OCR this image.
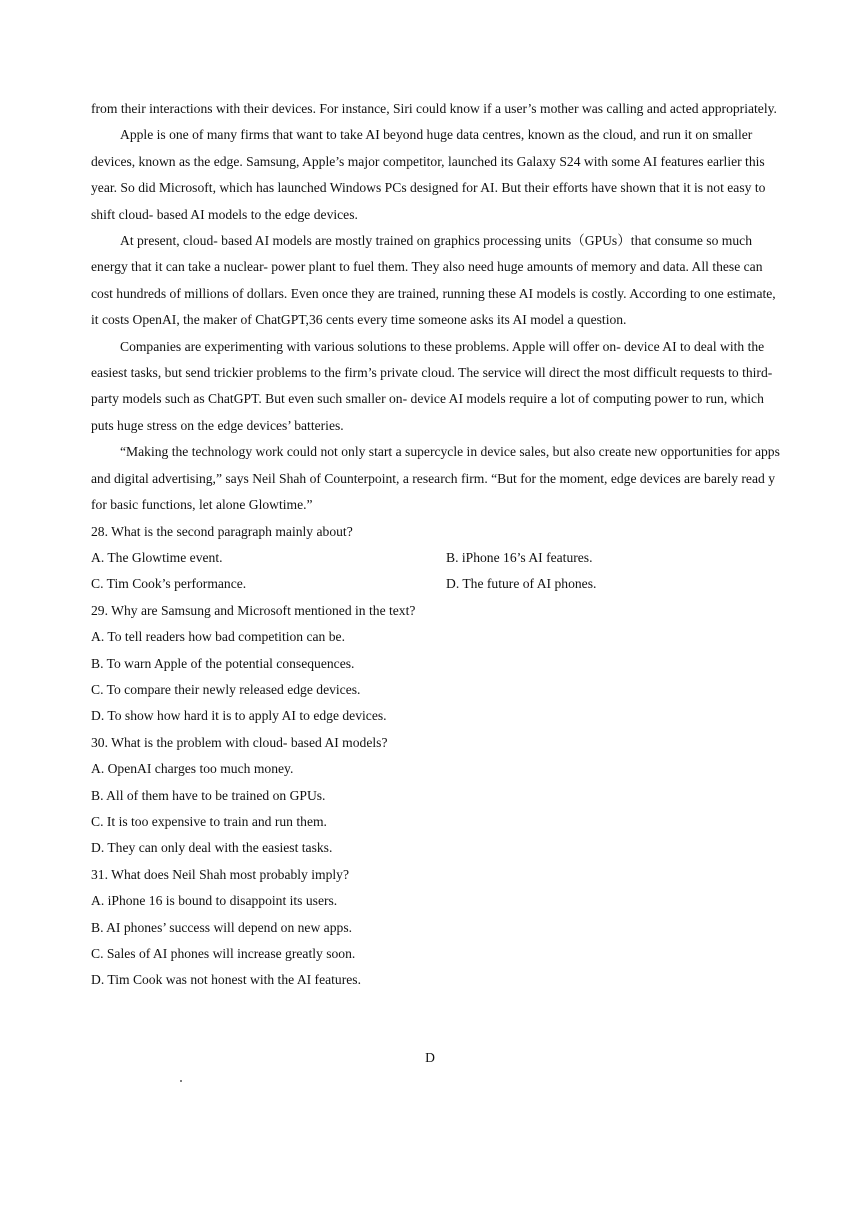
from their interactions with their devices. For instance, Siri could know if a user’s mother was calling and acted appropriately.

Apple is one of many firms that want to take AI beyond huge data centres, known as the cloud, and run it on smaller devices, known as the edge. Samsung, Apple’s major competitor, launched its Galaxy S24 with some AI features earlier this year. So did Microsoft, which has launched Windows PCs designed for AI. But their efforts have shown that it is not easy to shift cloud- based AI models to the edge devices.

At present, cloud- based AI models are mostly trained on graphics processing units（GPUs）that consume so much energy that it can take a nuclear- power plant to fuel them. They also need huge amounts of memory and data. All these can cost hundreds of millions of dollars. Even once they are trained, running these AI models is costly. According to one estimate, it costs OpenAI, the maker of ChatGPT,36 cents every time someone asks its AI model a question.

Companies are experimenting with various solutions to these problems. Apple will offer on- device AI to deal with the easiest tasks, but send trickier problems to the firm’s private cloud. The service will direct the most difficult requests to third- party models such as ChatGPT. But even such smaller on- device AI models require a lot of computing power to run, which puts huge stress on the edge devices’ batteries.

“Making the technology work could not only start a supercycle in device sales, but also create new opportunities for apps and digital advertising,” says Neil Shah of Counterpoint, a research firm. “But for the moment, edge devices are barely read y for basic functions, let alone Glowtime.”

28. What is the second paragraph mainly about?

A. The Glowtime event.	B. iPhone 16’s AI features.
C. Tim Cook’s performance.	D. The future of AI phones.

29. Why are Samsung and Microsoft mentioned in the text?

A. To tell readers how bad competition can be.

B. To warn Apple of the potential consequences.

C. To compare their newly released edge devices.

D. To show how hard it is to apply AI to edge devices.

30. What is the problem with cloud- based AI models?

A. OpenAI charges too much money.

B. All of them have to be trained on GPUs.

C. It is too expensive to train and run them.

D. They can only deal with the easiest tasks.

31. What does Neil Shah most probably imply?

A. iPhone 16 is bound to disappoint its users.

B. AI phones’ success will depend on new apps.

C. Sales of AI phones will increase greatly soon.

D. Tim Cook was not honest with the AI features.

D
